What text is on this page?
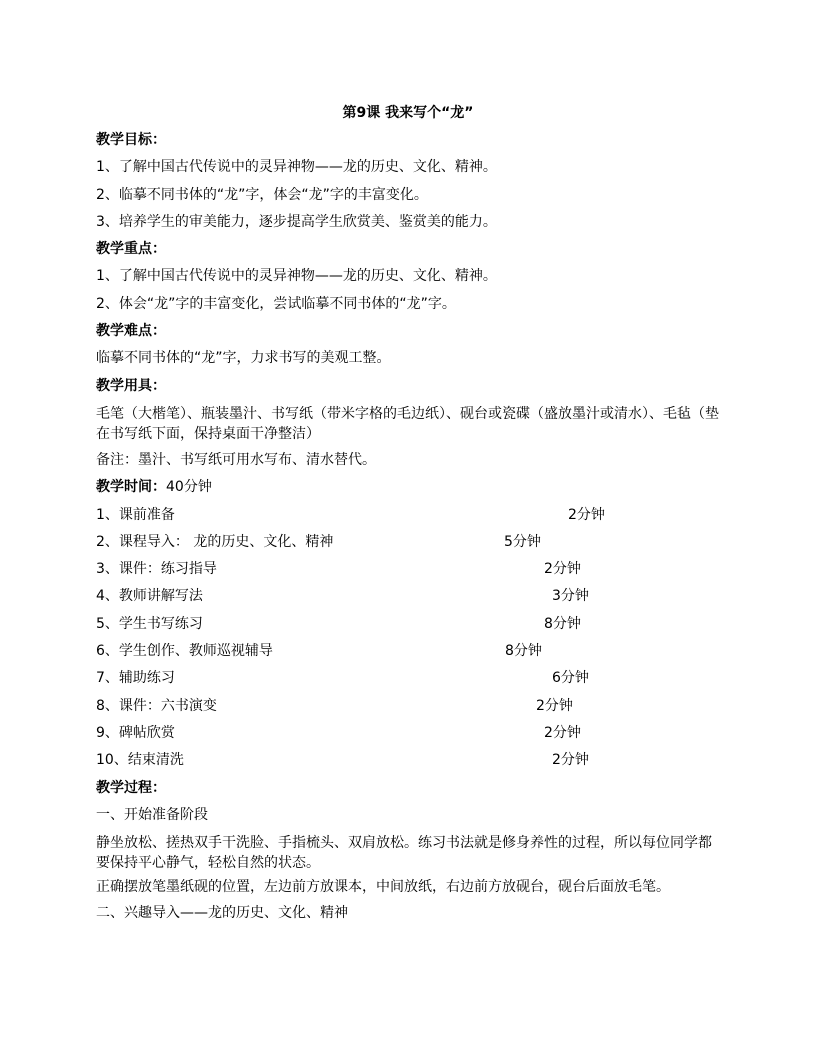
第9课 我来写个“龙”
教学目标：
1、了解中国古代传说中的灵异神物——龙的历史、文化、精神。
2、临摹不同书体的“龙”字，体会“龙”字的丰富变化。
3、培养学生的审美能力，逐步提高学生欣赏美、鉴赏美的能力。
教学重点：
1、了解中国古代传说中的灵异神物——龙的历史、文化、精神。
2、体会“龙”字的丰富变化，尝试临摹不同书体的“龙”字。
教学难点：
临摹不同书体的“龙”字，力求书写的美观工整。
教学用具：
毛笔（大楷笔）、瓶装墨汁、书写纸（带米字格的毛边纸）、砚台或瓷碟（盛放墨汁或清水）、毛毡（垫在书写纸下面，保持桌面干净整洁）
备注：墨汁、书写纸可用水写布、清水替代。
教学时间：40分钟
1、课前准备	2分钟
2、课程导入： 龙的历史、文化、精神	5分钟
3、课件：练习指导	2分钟
4、教师讲解写法	3分钟
5、学生书写练习	8分钟
6、学生创作、教师巡视辅导	8分钟
7、辅助练习	6分钟
8、课件：六书演变	2分钟
9、碑帖欣赏	2分钟
10、结束清洗	2分钟
教学过程：
一、开始准备阶段
静坐放松、搓热双手干洗脸、手指梳头、双肩放松。练习书法就是修身养性的过程，所以每位同学都要保持平心静气，轻松自然的状态。
正确摆放笔墨纸砚的位置，左边前方放课本，中间放纸，右边前方放砚台，砚台后面放毛笔。
二、兴趣导入——龙的历史、文化、精神
